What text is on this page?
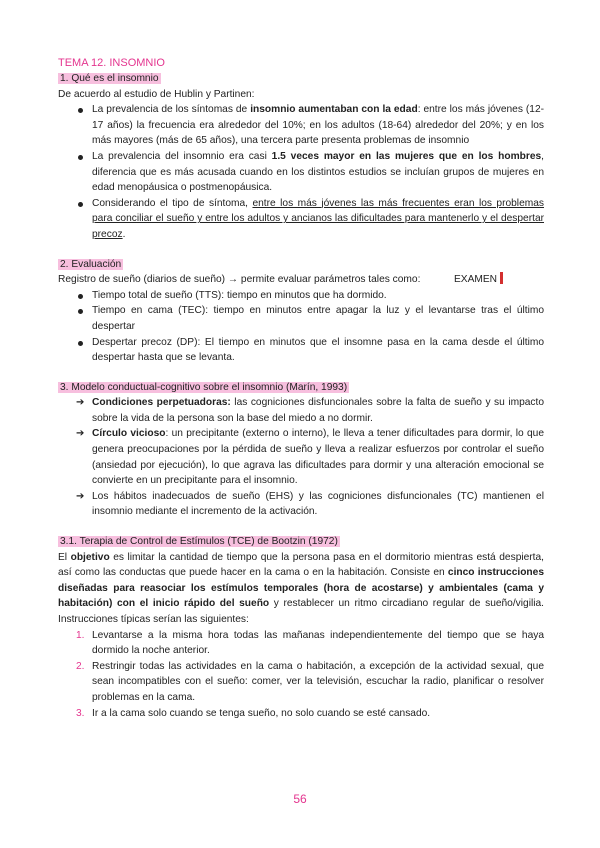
TEMA 12. INSOMNIO

1. Qué es el insomnio

De acuerdo al estudio de Hublin y Partinen:

La prevalencia de los síntomas de insomnio aumentaban con la edad: entre los más jóvenes (12-17 años) la frecuencia era alrededor del 10%; en los adultos (18-64) alrededor del 20%; y en los más mayores (más de 65 años), una tercera parte presenta problemas de insomnio
La prevalencia del insomnio era casi 1.5 veces mayor en las mujeres que en los hombres, diferencia que es más acusada cuando en los distintos estudios se incluían grupos de mujeres en edad menopáusica o postmenopáusica.
Considerando el tipo de síntoma, entre los más jóvenes las más frecuentes eran los problemas para conciliar el sueño y entre los adultos y ancianos las dificultades para mantenerlo y el despertar precoz.

2. Evaluación

Registro de sueño (diarios de sueño) → permite evaluar parámetros tales como:	EXAMEN
Tiempo total de sueño (TTS): tiempo en minutos que ha dormido.
Tiempo en cama (TEC): tiempo en minutos entre apagar la luz y el levantarse tras el último despertar
Despertar precoz (DP): El tiempo en minutos que el insomne pasa en la cama desde el último despertar hasta que se levanta.

3. Modelo conductual-cognitivo sobre el insomnio (Marín, 1993)

➔ Condiciones perpetuadoras: las cogniciones disfuncionales sobre la falta de sueño y su impacto sobre la vida de la persona son la base del miedo a no dormir.
➔ Círculo vicioso: un precipitante (externo o interno), le lleva a tener dificultades para dormir, lo que genera preocupaciones por la pérdida de sueño y lleva a realizar esfuerzos por controlar el sueño (ansiedad por ejecución), lo que agrava las dificultades para dormir y una alteración emocional se convierte en un precipitante para el insomnio.
➔ Los hábitos inadecuados de sueño (EHS) y las cogniciones disfuncionales (TC) mantienen el insomnio mediante el incremento de la activación.

3.1. Terapia de Control de Estímulos (TCE) de Bootzin (1972)

El objetivo es limitar la cantidad de tiempo que la persona pasa en el dormitorio mientras está despierta, así como las conductas que puede hacer en la cama o en la habitación. Consiste en cinco instrucciones diseñadas para reasociar los estímulos temporales (hora de acostarse) y ambientales (cama y habitación) con el inicio rápido del sueño y restablecer un ritmo circadiano regular de sueño/vigilia. Instrucciones típicas serían las siguientes:

1. Levantarse a la misma hora todas las mañanas independientemente del tiempo que se haya dormido la noche anterior.
2. Restringir todas las actividades en la cama o habitación, a excepción de la actividad sexual, que sean incompatibles con el sueño: comer, ver la televisión, escuchar la radio, planificar o resolver problemas en la cama.
3. Ir a la cama solo cuando se tenga sueño, no solo cuando se esté cansado.
56
